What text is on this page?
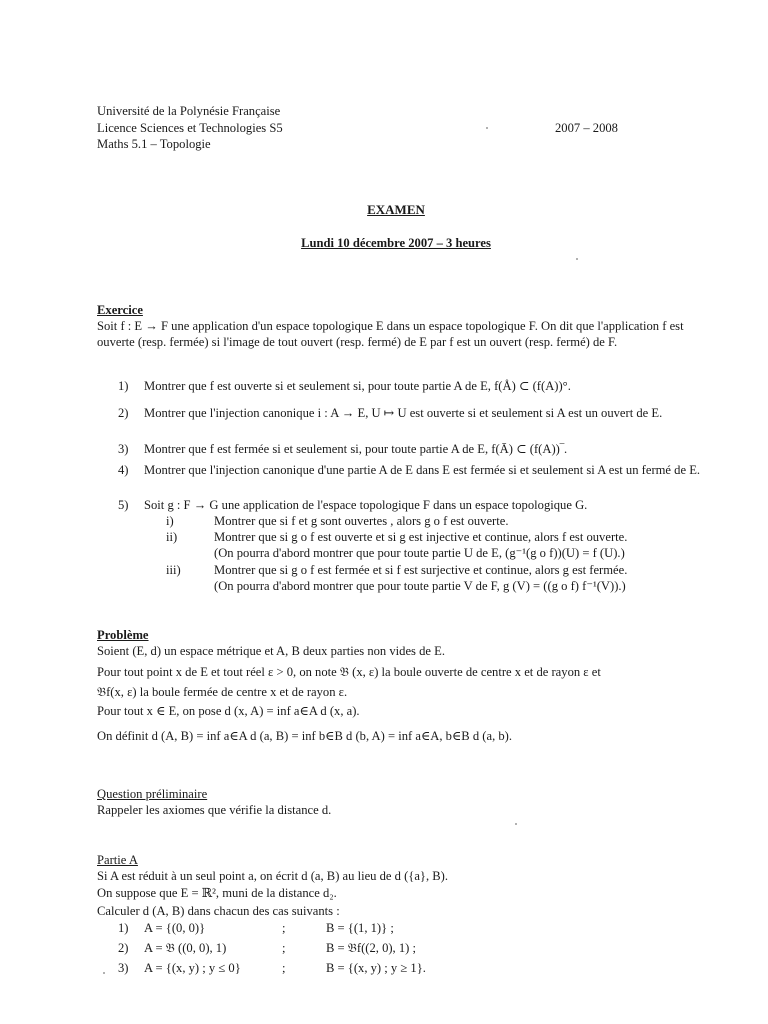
Université de la Polynésie Française
Licence Sciences et Technologies S5
Maths 5.1 – Topologie
2007 – 2008
EXAMEN
Lundi 10 décembre 2007 – 3 heures
Exercice
Soit f : E → F une application d'un espace topologique E dans un espace topologique F. On dit que l'application f est ouverte (resp. fermée) si l'image de tout ouvert (resp. fermé) de E par f est un ouvert (resp. fermé) de F.
1) Montrer que f est ouverte si et seulement si, pour toute partie A de E, f(Å) ⊂ (f(A))°.
2) Montrer que l'injection canonique i : A → E, U ↦ U est ouverte si et seulement si A est un ouvert de E.
3) Montrer que f est fermée si et seulement si, pour toute partie A de E, f(Ā) ⊂ (f(A))‾.
4) Montrer que l'injection canonique d'une partie A de E dans E est fermée si et seulement si A est un fermé de E.
5) Soit g : F → G une application de l'espace topologique F dans un espace topologique G.
i)	Montrer que si f et g sont ouvertes , alors g o f est ouverte.
ii)	Montrer que si g o f est ouverte et si g est injective et continue, alors f est ouverte.
(On pourra d'abord montrer que pour toute partie U de E, (g⁻¹(g o f))(U) = f (U).)
iii)	Montrer que si g o f est fermée et si f est surjective et continue, alors g est fermée.
(On pourra d'abord montrer que pour toute partie V de F, g (V) = ((g o f) f⁻¹(V)).)
Problème
Soient (E, d) un espace métrique et A, B deux parties non vides de E.
Pour tout point x de E et tout réel ε > 0, on note 𝔅 (x, ε) la boule ouverte de centre x et de rayon ε et
𝔅f(x, ε) la boule fermée de centre x et de rayon ε.
Pour tout x ∈ E, on pose d (x, A) = inf a∈A d (x, a).
On définit d (A, B) = inf a∈A d (a, B) = inf b∈B d (b, A) = inf a∈A, b∈B d (a, b).
Question préliminaire
Rappeler les axiomes que vérifie la distance d.
Partie A
Si A est réduit à un seul point a, on écrit d (a, B) au lieu de d ({a}, B).
On suppose que E = ℝ², muni de la distance d₂.
Calculer d (A, B) dans chacun des cas suivants :
1) A = {(0, 0)}	;	B = {(1, 1)} ;
2) A = 𝔅 ((0, 0), 1)	;	B = 𝔅f((2, 0), 1) ;
3) A = {(x, y) ; y ≤ 0}	;	B = {(x, y) ; y ≥ 1}.
